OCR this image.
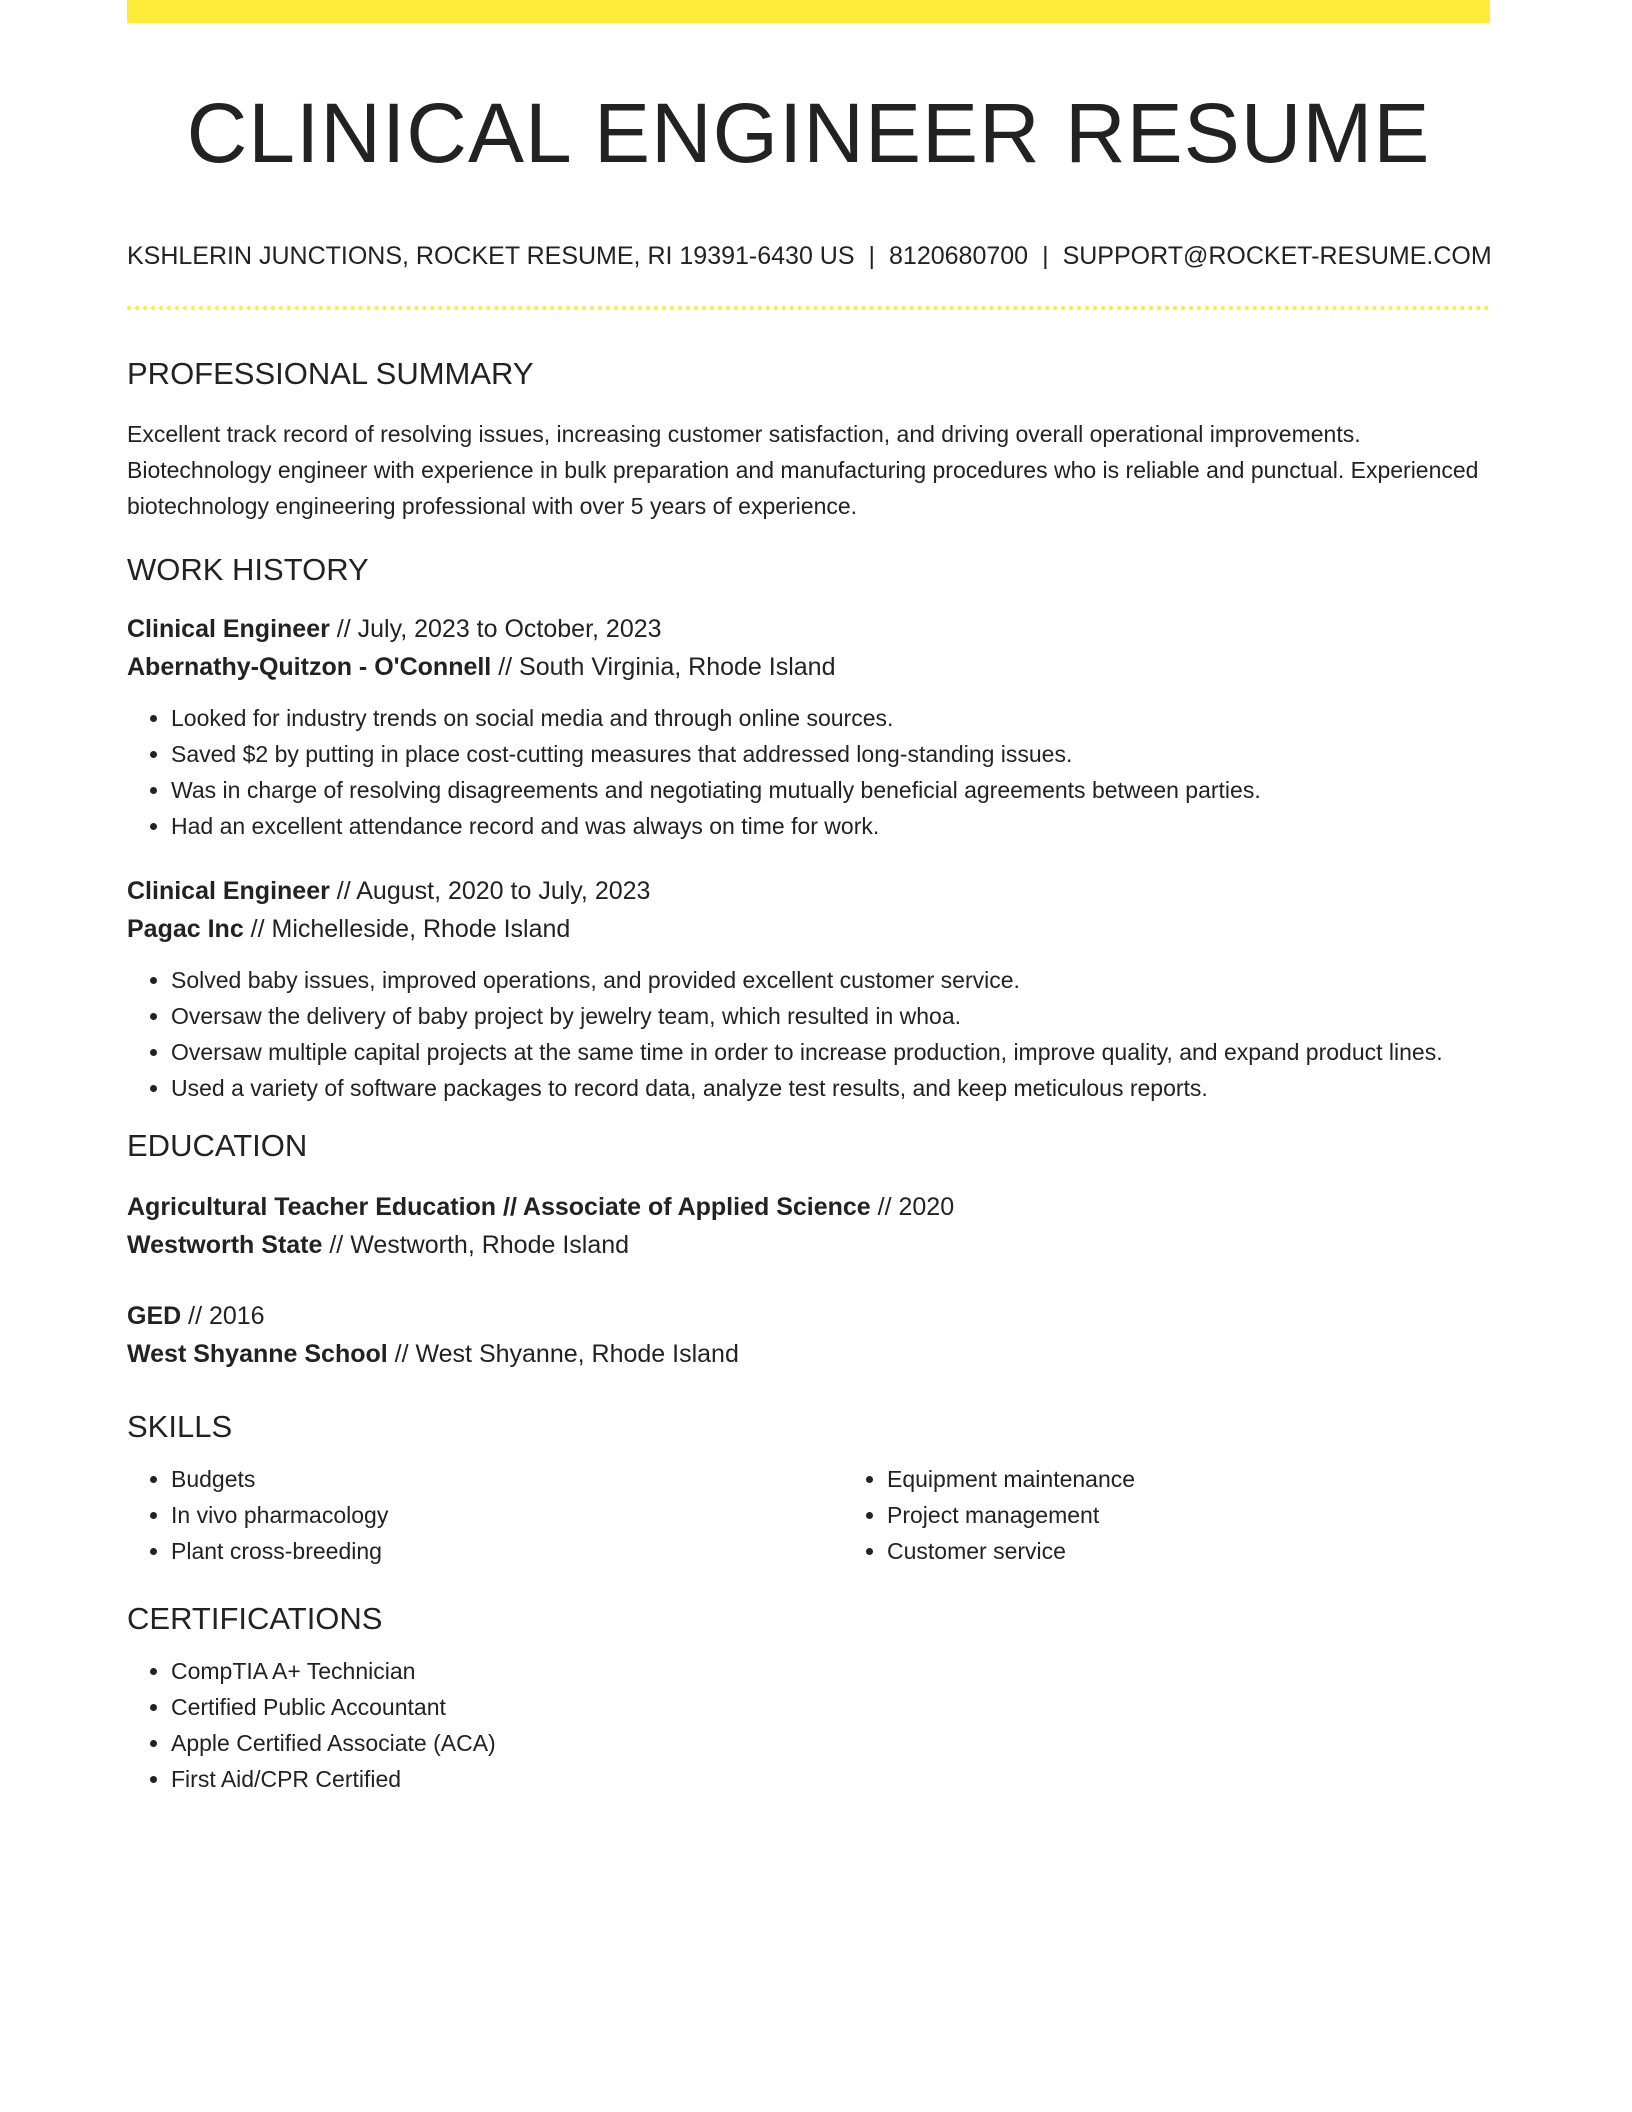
CLINICAL ENGINEER RESUME
KSHLERIN JUNCTIONS, ROCKET RESUME, RI 19391-6430 US | 8120680700 | SUPPORT@ROCKET-RESUME.COM
PROFESSIONAL SUMMARY
Excellent track record of resolving issues, increasing customer satisfaction, and driving overall operational improvements. Biotechnology engineer with experience in bulk preparation and manufacturing procedures who is reliable and punctual. Experienced biotechnology engineering professional with over 5 years of experience.
WORK HISTORY
Clinical Engineer // July, 2023 to October, 2023
Abernathy-Quitzon - O'Connell // South Virginia, Rhode Island
• Looked for industry trends on social media and through online sources.
• Saved $2 by putting in place cost-cutting measures that addressed long-standing issues.
• Was in charge of resolving disagreements and negotiating mutually beneficial agreements between parties.
• Had an excellent attendance record and was always on time for work.
Clinical Engineer // August, 2020 to July, 2023
Pagac Inc // Michelleside, Rhode Island
• Solved baby issues, improved operations, and provided excellent customer service.
• Oversaw the delivery of baby project by jewelry team, which resulted in whoa.
• Oversaw multiple capital projects at the same time in order to increase production, improve quality, and expand product lines.
• Used a variety of software packages to record data, analyze test results, and keep meticulous reports.
EDUCATION
Agricultural Teacher Education // Associate of Applied Science // 2020
Westworth State // Westworth, Rhode Island
GED // 2016
West Shyanne School // West Shyanne, Rhode Island
SKILLS
• Budgets
• In vivo pharmacology
• Plant cross-breeding
• Equipment maintenance
• Project management
• Customer service
CERTIFICATIONS
• CompTIA A+ Technician
• Certified Public Accountant
• Apple Certified Associate (ACA)
• First Aid/CPR Certified
